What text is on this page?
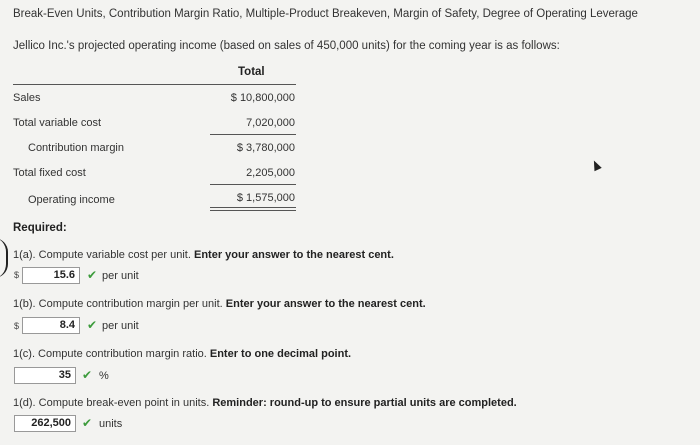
Break-Even Units, Contribution Margin Ratio, Multiple-Product Breakeven, Margin of Safety, Degree of Operating Leverage
Jellico Inc.'s projected operating income (based on sales of 450,000 units) for the coming year is as follows:
Total
Sales	$ 10,800,000
Total variable cost	7,020,000
Contribution margin	$ 3,780,000
Total fixed cost	2,205,000
Operating income	$ 1,575,000
Required:
1(a). Compute variable cost per unit. Enter your answer to the nearest cent.
$	15.6	✔ per unit
1(b). Compute contribution margin per unit. Enter your answer to the nearest cent.
$	8.4	✔ per unit
1(c). Compute contribution margin ratio. Enter to one decimal point.
35 ✔ %
1(d). Compute break-even point in units. Reminder: round-up to ensure partial units are completed.
262,500 ✔ units
